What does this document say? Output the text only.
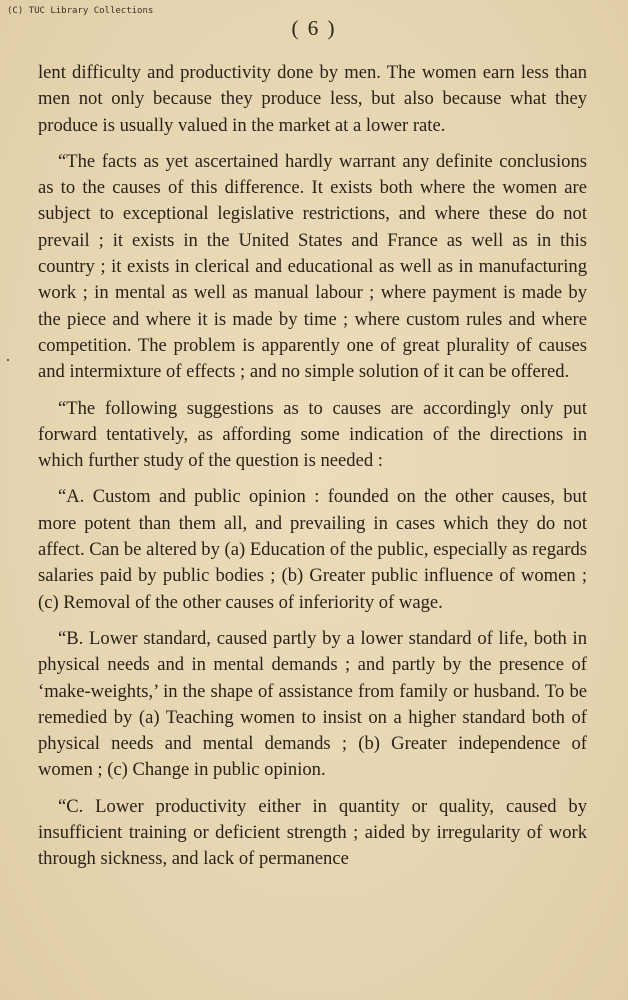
(C) TUC Library Collections
( 6 )

lent difficulty and productivity done by men. The women earn less than men not only because they produce less, but also because what they produce is usually valued in the market at a lower rate.

“The facts as yet ascertained hardly warrant any definite conclusions as to the causes of this difference. It exists both where the women are subject to exceptional legislative restrictions, and where these do not prevail ; it exists in the United States and France as well as in this country ; it exists in clerical and educational as well as in manufacturing work ; in mental as well as manual labour ; where payment is made by the piece and where it is made by time ; where custom rules and where competition. The problem is apparently one of great plurality of causes and intermixture of effects ; and no simple solution of it can be offered.

“The following suggestions as to causes are accordingly only put forward tentatively, as affording some indication of the directions in which further study of the question is needed :

“A. Custom and public opinion : founded on the other causes, but more potent than them all, and prevailing in cases which they do not affect. Can be altered by (a) Education of the public, especially as regards salaries paid by public bodies ; (b) Greater public influence of women ; (c) Removal of the other causes of inferiority of wage.

“B. Lower standard, caused partly by a lower standard of life, both in physical needs and in mental demands ; and partly by the presence of ‘make-weights,’ in the shape of assistance from family or husband. To be remedied by (a) Teaching women to insist on a higher standard both of physical needs and mental demands ; (b) Greater independence of women ; (c) Change in public opinion.

“C. Lower productivity either in quantity or quality, caused by insufficient training or deficient strength ; aided by irregularity of work through sickness, and lack of permanence
